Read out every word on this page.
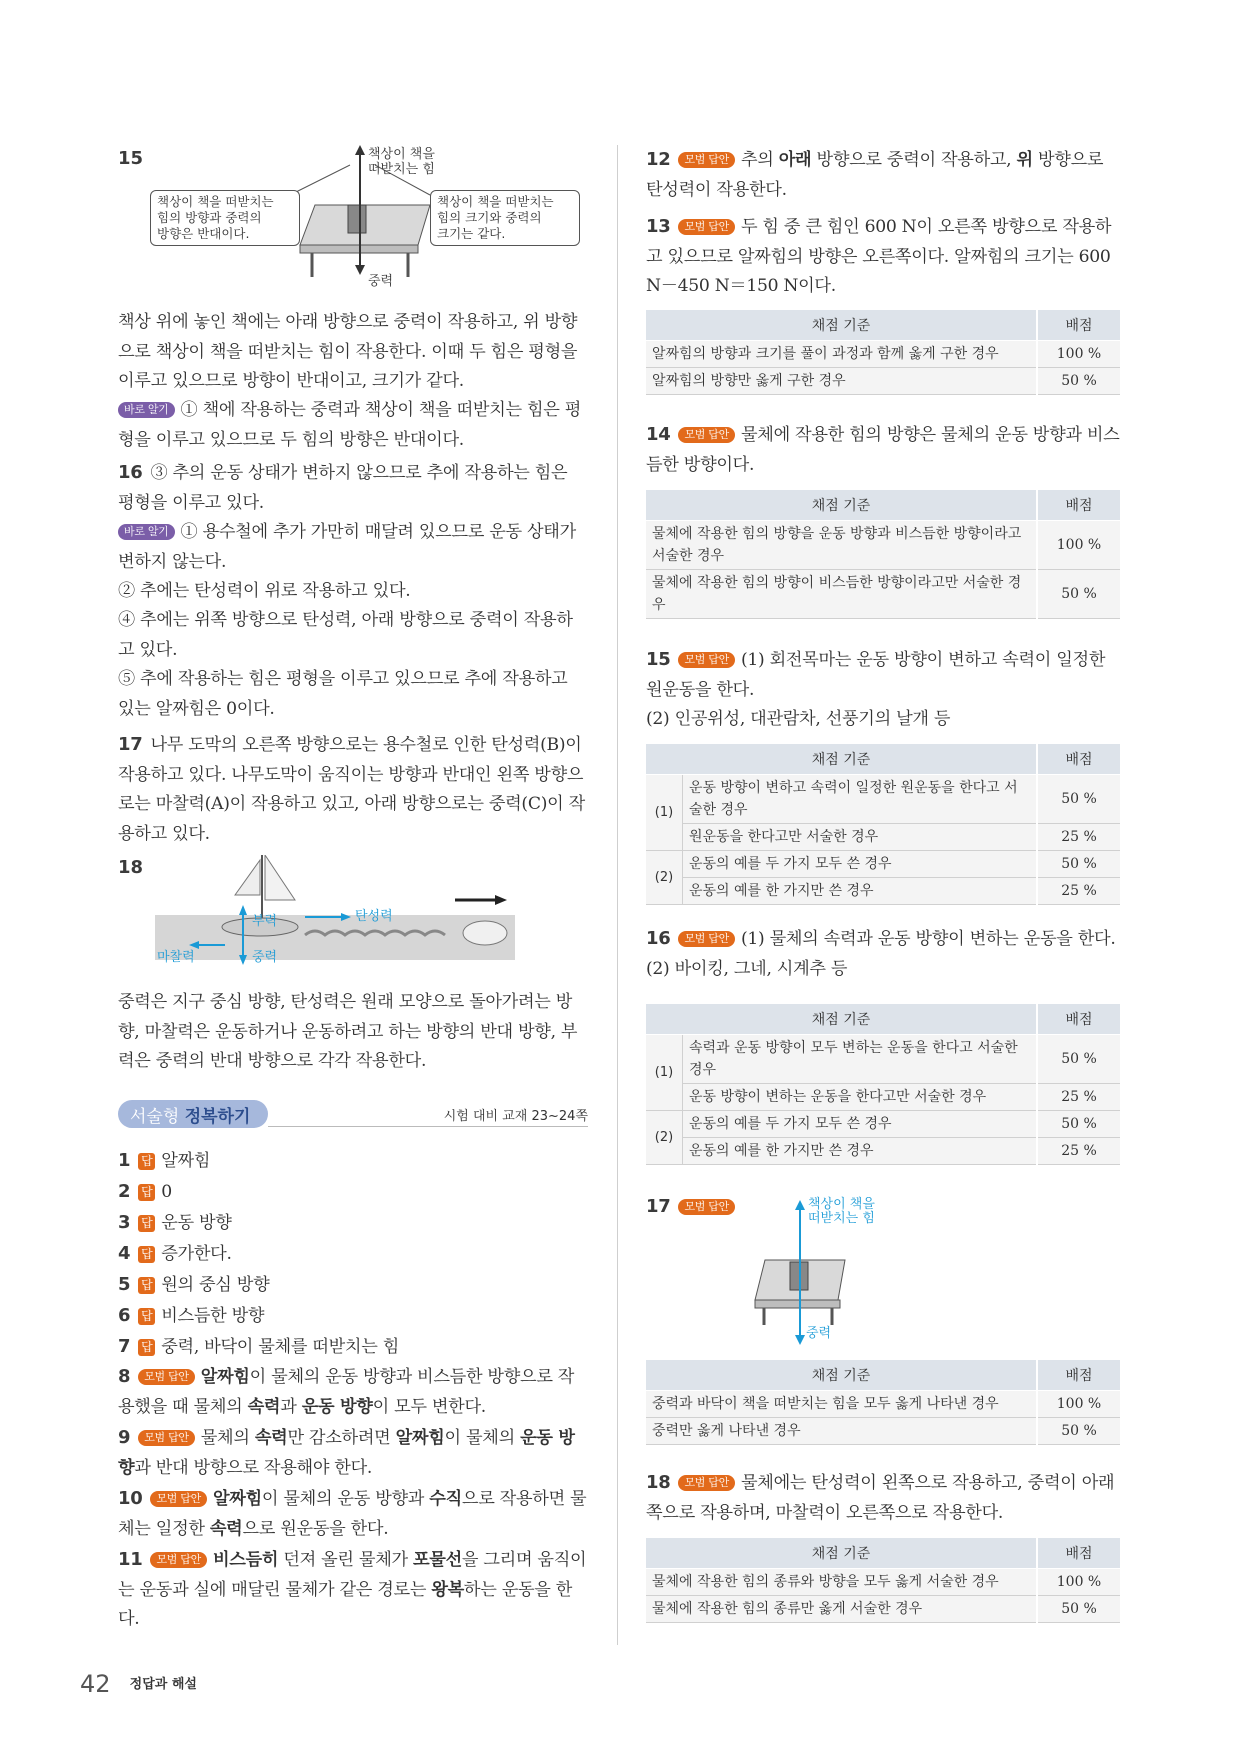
15	책상이 책을
떠받치는 힘
책상이 책을 떠받치는
힘의 방향과 중력의
방향은 반대이다.
책상이 책을 떠받치는
힘의 크기와 중력의
크기는 같다.
중력
책상 위에 놓인 책에는 아래 방향으로 중력이 작용하고, 위 방향으로 책상이 책을 떠받치는 힘이 작용한다. 이때 두 힘은 평형을 이루고 있으므로 방향이 반대이고, 크기가 같다.
바로 알기 ① 책에 작용하는 중력과 책상이 책을 떠받치는 힘은 평형을 이루고 있으므로 두 힘의 방향은 반대이다.
16 ③ 추의 운동 상태가 변하지 않으므로 추에 작용하는 힘은 평형을 이루고 있다.
바로 알기 ① 용수철에 추가 가만히 매달려 있으므로 운동 상태가 변하지 않는다.
② 추에는 탄성력이 위로 작용하고 있다.
④ 추에는 위쪽 방향으로 탄성력, 아래 방향으로 중력이 작용하고 있다.
⑤ 추에 작용하는 힘은 평형을 이루고 있으므로 추에 작용하고 있는 알짜힘은 0이다.
17 나무 도막의 오른쪽 방향으로는 용수철로 인한 탄성력(B)이 작용하고 있다. 나무도막이 움직이는 방향과 반대인 왼쪽 방향으로는 마찰력(A)이 작용하고 있고, 아래 방향으로는 중력(C)이 작용하고 있다.
18
부력	탄성력
마찰력	중력
중력은 지구 중심 방향, 탄성력은 원래 모양으로 돌아가려는 방향, 마찰력은 운동하거나 운동하려고 하는 방향의 반대 방향, 부력은 중력의 반대 방향으로 각각 작용한다.
서술형 정복하기	시험 대비 교재 23~24쪽
1 답 알짜힘
2 답 0
3 답 운동 방향
4 답 증가한다.
5 답 원의 중심 방향
6 답 비스듬한 방향
7 답 중력, 바닥이 물체를 떠받치는 힘
8 모범 답안 알짜힘이 물체의 운동 방향과 비스듬한 방향으로 작용했을 때 물체의 속력과 운동 방향이 모두 변한다.
9 모범 답안 물체의 속력만 감소하려면 알짜힘이 물체의 운동 방향과 반대 방향으로 작용해야 한다.
10 모범 답안 알짜힘이 물체의 운동 방향과 수직으로 작용하면 물체는 일정한 속력으로 원운동을 한다.
11 모범 답안 비스듬히 던져 올린 물체가 포물선을 그리며 움직이는 운동과 실에 매달린 물체가 같은 경로는 왕복하는 운동을 한다.
12 모범 답안 추의 아래 방향으로 중력이 작용하고, 위 방향으로 탄성력이 작용한다.
13 모범 답안 두 힘 중 큰 힘인 600 N이 오른쪽 방향으로 작용하고 있으므로 알짜힘의 방향은 오른쪽이다. 알짜힘의 크기는 600 N－450 N＝150 N이다.
채점 기준	배점
알짜힘의 방향과 크기를 풀이 과정과 함께 옳게 구한 경우	100 %
알짜힘의 방향만 옳게 구한 경우	50 %
14 모범 답안 물체에 작용한 힘의 방향은 물체의 운동 방향과 비스듬한 방향이다.
채점 기준	배점
물체에 작용한 힘의 방향을 운동 방향과 비스듬한 방향이라고 서술한 경우	100 %
물체에 작용한 힘의 방향이 비스듬한 방향이라고만 서술한 경우	50 %
15 모범 답안 (1) 회전목마는 운동 방향이 변하고 속력이 일정한 원운동을 한다.
(2) 인공위성, 대관람차, 선풍기의 날개 등
채점 기준		배점
(1)	운동 방향이 변하고 속력이 일정한 원운동을 한다고 서술한 경우	50 %
	원운동을 한다고만 서술한 경우	25 %
(2)	운동의 예를 두 가지 모두 쓴 경우	50 %
	운동의 예를 한 가지만 쓴 경우	25 %
16 모범 답안 (1) 물체의 속력과 운동 방향이 변하는 운동을 한다.
(2) 바이킹, 그네, 시계추 등
채점 기준		배점
(1)	속력과 운동 방향이 모두 변하는 운동을 한다고 서술한 경우	50 %
	운동 방향이 변하는 운동을 한다고만 서술한 경우	25 %
(2)	운동의 예를 두 가지 모두 쓴 경우	50 %
	운동의 예를 한 가지만 쓴 경우	25 %
17 모범 답안	책상이 책을
떠받치는 힘
중력
채점 기준	배점
중력과 바닥이 책을 떠받치는 힘을 모두 옳게 나타낸 경우	100 %
중력만 옳게 나타낸 경우	50 %
18 모범 답안 물체에는 탄성력이 왼쪽으로 작용하고, 중력이 아래쪽으로 작용하며, 마찰력이 오른쪽으로 작용한다.
채점 기준	배점
물체에 작용한 힘의 종류와 방향을 모두 옳게 서술한 경우	100 %
물체에 작용한 힘의 종류만 옳게 서술한 경우	50 %
42 $^{정답과 해설}$
